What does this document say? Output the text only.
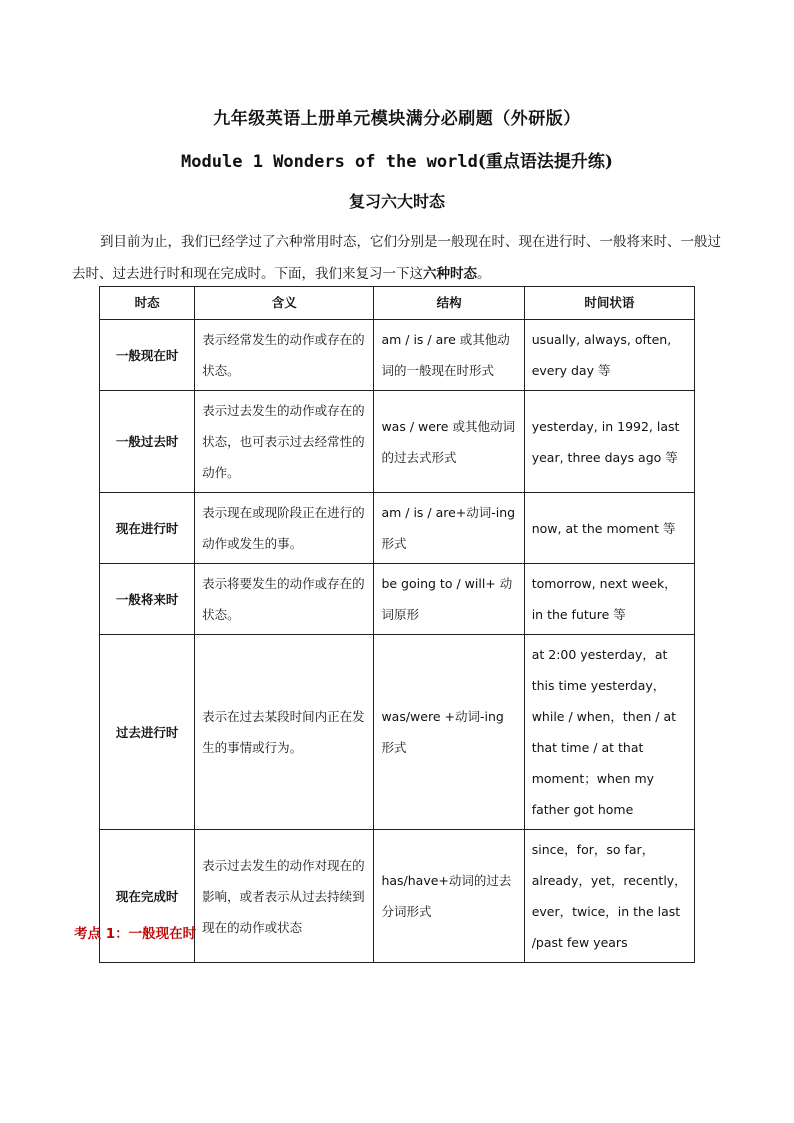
九年级英语上册单元模块满分必刷题（外研版）
Module 1 Wonders of the world(重点语法提升练)
复习六大时态
到目前为止，我们已经学过了六种常用时态，它们分别是一般现在时、现在进行时、一般将来时、一般过去时、过去进行时和现在完成时。下面，我们来复习一下这六种时态。
时态	含义	结构	时间状语
一般现在时	表示经常发生的动作或存在的状态。	am / is / are 或其他动词的一般现在时形式	usually, always, often, every day 等
一般过去时	表示过去发生的动作或存在的状态，也可表示过去经常性的动作。	was / were 或其他动词的过去式形式	yesterday, in 1992, last year, three days ago 等
现在进行时	表示现在或现阶段正在进行的动作或发生的事。	am / is / are+动词-ing 形式	now, at the moment 等
一般将来时	表示将要发生的动作或存在的状态。	be going to / will+ 动词原形	tomorrow, next week，in the future 等
过去进行时	表示在过去某段时间内正在发生的事情或行为。	was/were +动词-ing 形式	at 2:00 yesterday，at this time yesterday，while / when，then / at that time / at that moment；when my father got home
现在完成时	表示过去发生的动作对现在的影响，或者表示从过去持续到现在的动作或状态	has/have+动词的过去分词形式	since，for，so far，already，yet，recently，ever，twice，in the last /past few years
考点 1：一般现在时
